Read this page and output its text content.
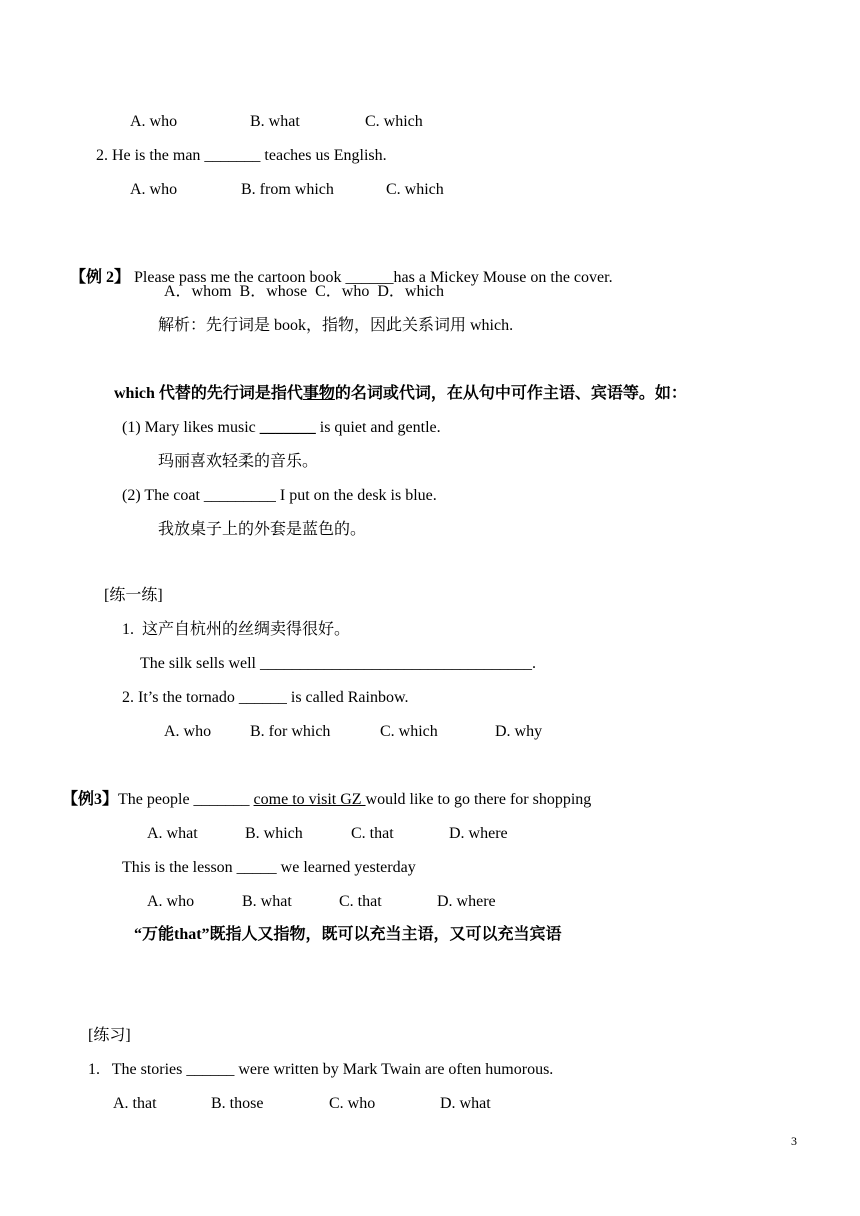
A. who	B. what	C. which
2. He is the man _______ teaches us English.
A. who	B. from which	C. which

【例 2】 Please pass me the cartoon book ______has a Mickey Mouse on the cover.

A．whom  B．whose  C．who  D．which
解析：先行词是 book，指物，因此关系词用 which.
which 代替的先行词是指代事物的名词或代词，在从句中可作主语、宾语等。如：
(1) Mary likes music _______ is quiet and gentle.
玛丽喜欢轻柔的音乐。
(2) The coat _________ I put on the desk is blue.
我放桌子上的外套是蓝色的。
[练一练]
1.  这产自杭州的丝绸卖得很好。
The silk sells well __________________________________.
2. It’s the tornado ______ is called Rainbow.
A. who B. for which	C. which	D. why
【例3】The people _______ come to visit GZ would like to go there for shopping
A. what	B. which	C. that	D. where
This is the lesson _____ we learned yesterday
A. who	B. what	C. that	D. where
“万能that”既指人又指物，既可以充当主语，又可以充当宾语
[练习]
1.   The stories ______ were written by Mark Twain are often humorous.
A. that	B. those	C. who	D. what
3
